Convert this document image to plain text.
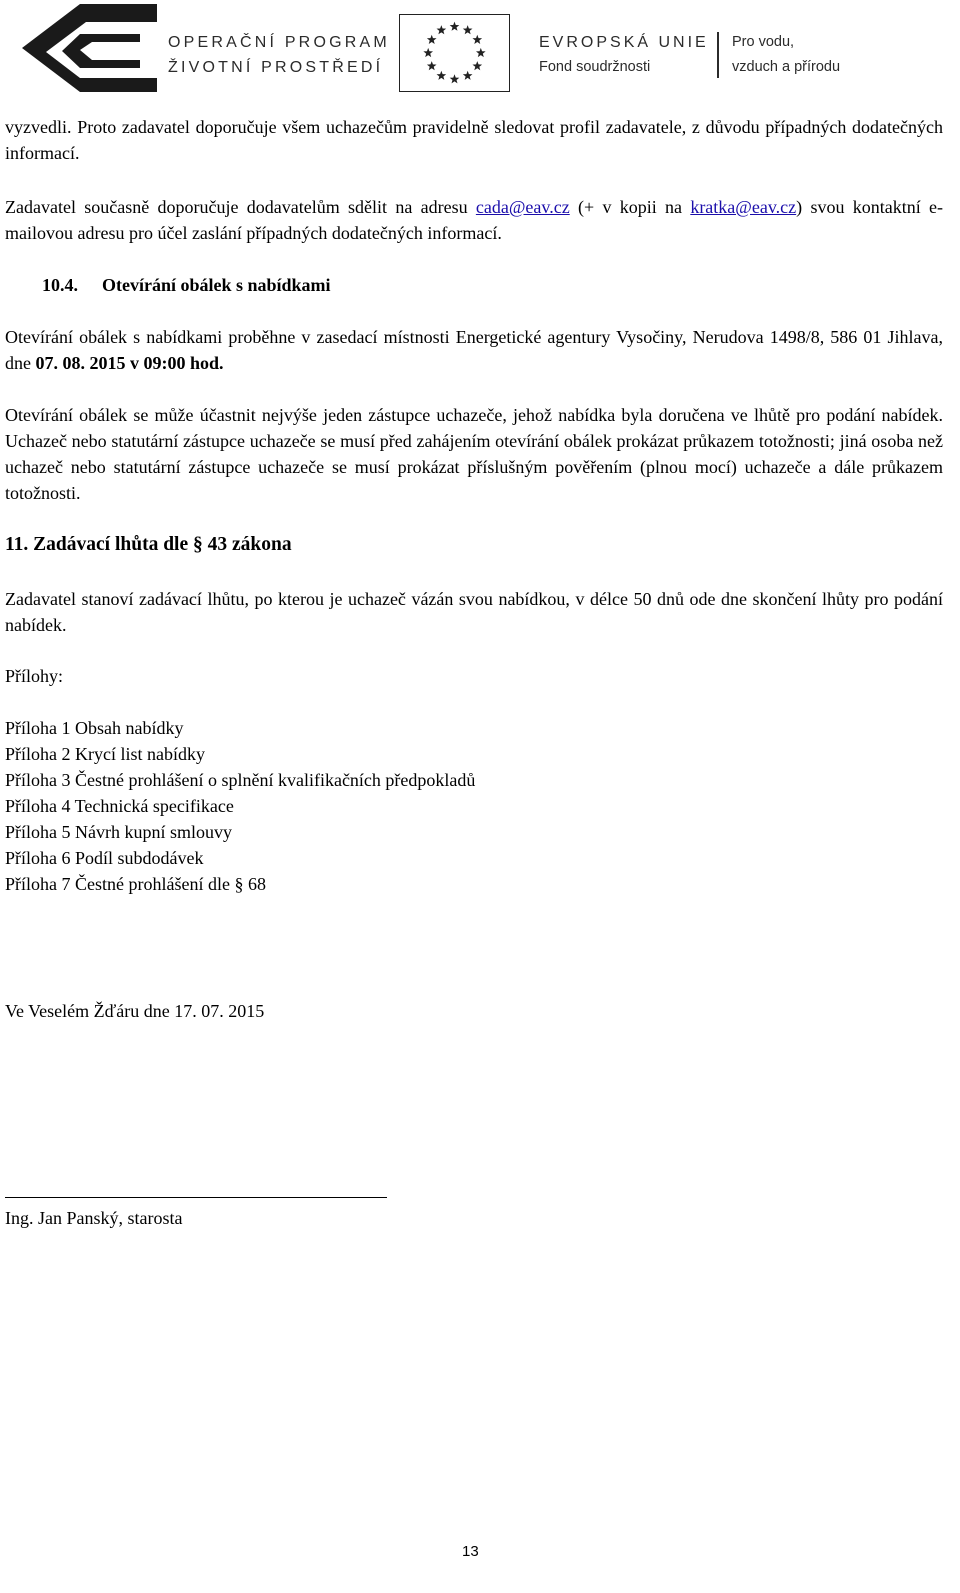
OPERAČNÍ PROGRAM
ŽIVOTNÍ PROSTŘEDÍ
EVROPSKÁ UNIE
Fond soudržnosti
Pro vodu,
vzduch a přírodu

vyzvedli. Proto zadavatel doporučuje všem uchazečům pravidelně sledovat profil zadavatele, z důvodu případných dodatečných informací.

Zadavatel současně doporučuje dodavatelům sdělit na adresu cada@eav.cz (+ v kopii na kratka@eav.cz) svou kontaktní e-mailovou adresu pro účel zaslání případných dodatečných informací.

10.4. Otevírání obálek s nabídkami

Otevírání obálek s nabídkami proběhne v zasedací místnosti Energetické agentury Vysočiny, Nerudova 1498/8, 586 01 Jihlava, dne 07. 08. 2015 v 09:00 hod.

Otevírání obálek se může účastnit nejvýše jeden zástupce uchazeče, jehož nabídka byla doručena ve lhůtě pro podání nabídek. Uchazeč nebo statutární zástupce uchazeče se musí před zahájením otevírání obálek prokázat průkazem totožnosti; jiná osoba než uchazeč nebo statutární zástupce uchazeče se musí prokázat příslušným pověřením (plnou mocí) uchazeče a dále průkazem totožnosti.

11. Zadávací lhůta dle § 43 zákona

Zadavatel stanoví zadávací lhůtu, po kterou je uchazeč vázán svou nabídkou, v délce 50 dnů ode dne skončení lhůty pro podání nabídek.

Přílohy:
Příloha 1 Obsah nabídky
Příloha 2 Krycí list nabídky
Příloha 3 Čestné prohlášení o splnění kvalifikačních předpokladů
Příloha 4 Technická specifikace
Příloha 5 Návrh kupní smlouvy
Příloha 6 Podíl subdodávek
Příloha 7 Čestné prohlášení dle § 68
Ve Veselém Žďáru dne 17. 07. 2015
Ing. Jan Panský, starosta
13
